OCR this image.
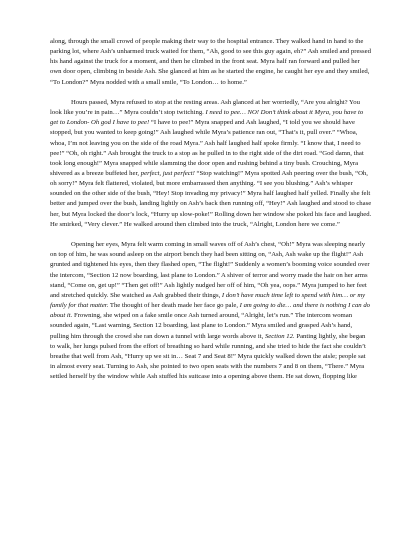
along, through the small crowd of people making their way to the hospital entrance. They walked hand in hand to the parking lot, where Ash’s unharmed truck waited for them, “Ah, good to see this guy again, eh?” Ash smiled and pressed his hand against the truck for a moment, and then he climbed in the front seat. Myra half ran forward and pulled her own door open, climbing in beside Ash. She glanced at him as he started the engine, he caught her eye and they smiled, “To London?” Myra nodded with a small smile, “To London… to home.”

Hours passed, Myra refused to stop at the resting areas. Ash glanced at her worriedly, “Are you alright? You look like you’re in pain…” Myra couldn’t stop twitching. I need to pee… NO! Don’t think about it Myra, you have to get to London- Oh god I have to pee! “I have to pee!” Myra snapped and Ash laughed, “I told you we should have stopped, but you wanted to keep going!” Ash laughed while Myra’s patience ran out, “That’s it, pull over.” “Whoa, whoa, I’m not leaving you on the side of the road Myra.” Ash half laughed half spoke firmly. “I know that, I need to pee!” “Oh, oh right.” Ash brought the truck to a stop as he pulled in to the right side of the dirt road. “God damn, that took long enough!” Myra snapped while slamming the door open and rushing behind a tiny bush. Crouching, Myra shivered as a breeze buffeted her, perfect, just perfect! “Stop watching!” Myra spotted Ash peering over the bush, “Oh, oh sorry!” Myra felt flattered, violated, but more embarrassed then anything. “I see you blushing.” Ash’s whisper sounded on the other side of the bush, “Hey! Stop invading my privacy!” Myra half laughed half yelled. Finally she felt better and jumped over the bush, landing lightly on Ash’s back then running off, “Hey!” Ash laughed and stood to chase her, but Myra locked the door’s lock, “Hurry up slow-poke!” Rolling down her window she poked his face and laughed. He smirked, “Very clever.” He walked around then climbed into the truck, “Alright, London here we come.”

Opening her eyes, Myra felt warm coming in small waves off of Ash’s chest, “Oh!” Myra was sleeping nearly on top of him, he was sound asleep on the airport bench they had been sitting on, “Ash, Ash wake up the flight!” Ash grunted and tightened his eyes, then they flashed open, “The flight!” Suddenly a women’s booming voice sounded over the intercom, “Section 12 now boarding, last plane to London.” A shiver of terror and worry made the hair on her arms stand, “Come on, get up!” “Then get off!” Ash lightly nudged her off of him, “Oh yea, oops.” Myra jumped to her feet and stretched quickly. She watched as Ash grabbed their things, I don’t have much time left to spend with him… or my family for that matter. The thought of her death made her face go pale, I am going to die… and there is nothing I can do about it. Frowning, she wiped on a fake smile once Ash turned around, “Alright, let’s run.” The intercom woman sounded again, “Last warning, Section 12 boarding, last plane to London.” Myra smiled and grasped Ash’s hand, pulling him through the crowd she ran down a tunnel with large words above it, Section 12. Panting lightly, she began to walk, her lungs pulsed from the effort of breathing so hard while running, and she tried to hide the fact she couldn’t breathe that well from Ash, “Hurry up we sit in… Seat 7 and Seat 8!” Myra quickly walked down the aisle; people sat in almost every seat. Turning to Ash, she pointed to two open seats with the numbers 7 and 8 on them, “There.” Myra settled herself by the window while Ash stuffed his suitcase into a opening above them. He sat down, flopping like
